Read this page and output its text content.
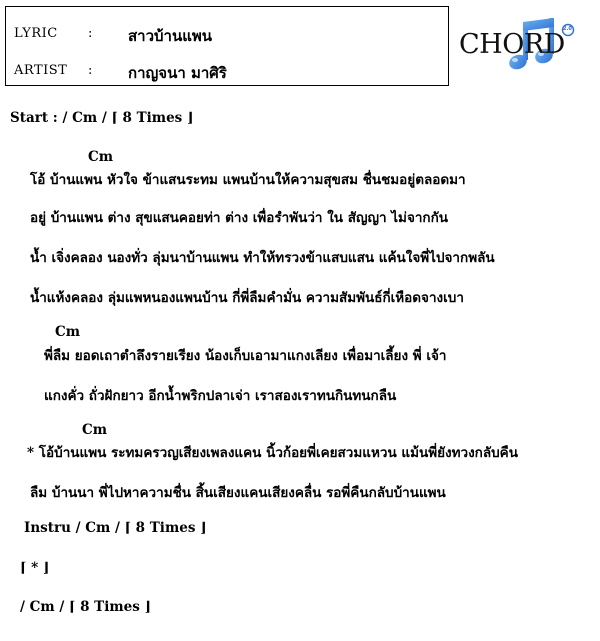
LYRIC : สาวบ้านแพน
ARTIST : กาญจนา มาศิริ
CHORD
2.0
Start : / Cm / ⌈ 8 Times ⌋
Cm
โอ้ บ้านแพน หัวใจ ข้าแสนระทม แพนบ้านให้ความสุขสม ชื่นชมอยู่ตลอดมา
อยู่ บ้านแพน ต่าง สุขแสนคอยท่า ต่าง เพื่อรำพันว่า ใน สัญญา ไม่จากกัน
น้ำ เจิ่งคลอง นองทั่ว ลุ่มนาบ้านแพน ทำให้ทรวงข้าแสบแสน แค้นใจพี่ไปจากพลัน
น้ำแห้งคลอง ลุ่มแพหนองแพนบ้าน กี่พี่ลืมคำมั่น ความสัมพันธ์กี่เหือดจางเบา
Cm
พี่ลืม ยอดเถาตำลึงรายเรียง น้องเก็บเอามาแกงเลียง เพื่อมาเลี้ยง พี่ เจ้า
แกงคั่ว ถั่วฝักยาว อีกน้ำพริกปลาเจ่า เราสองเราทนกินทนกลืน
Cm
* โอ้บ้านแพน ระทมครวญเสียงเพลงแคน นิ้วก้อยพี่เคยสวมแหวน แม้นพี่ยังทวงกลับคืน
ลืม บ้านนา พี่ไปหาความชื่น สิ้นเสียงแคนเสียงคลื่น รอพี่คืนกลับบ้านแพน
Instru / Cm / ⌈ 8 Times ⌋
⌈ * ⌋
/ Cm / ⌈ 8 Times ⌋
